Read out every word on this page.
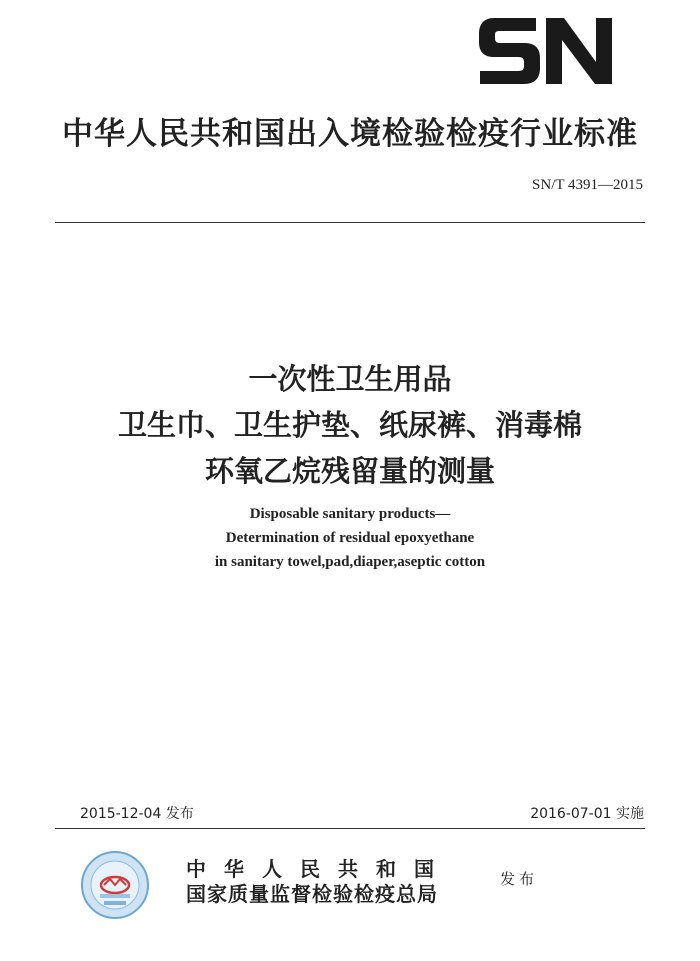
中华人民共和国出入境检验检疫行业标准
SN/T 4391—2015
一次性卫生用品
卫生巾、卫生护垫、纸尿裤、消毒棉
环氧乙烷残留量的测量
Disposable sanitary products—
Determination of residual epoxyethane
in sanitary towel,pad,diaper,aseptic cotton
2015-12-04 发布	2016-07-01 实施
中华人民共和国
国家质量监督检验检疫总局
发布
